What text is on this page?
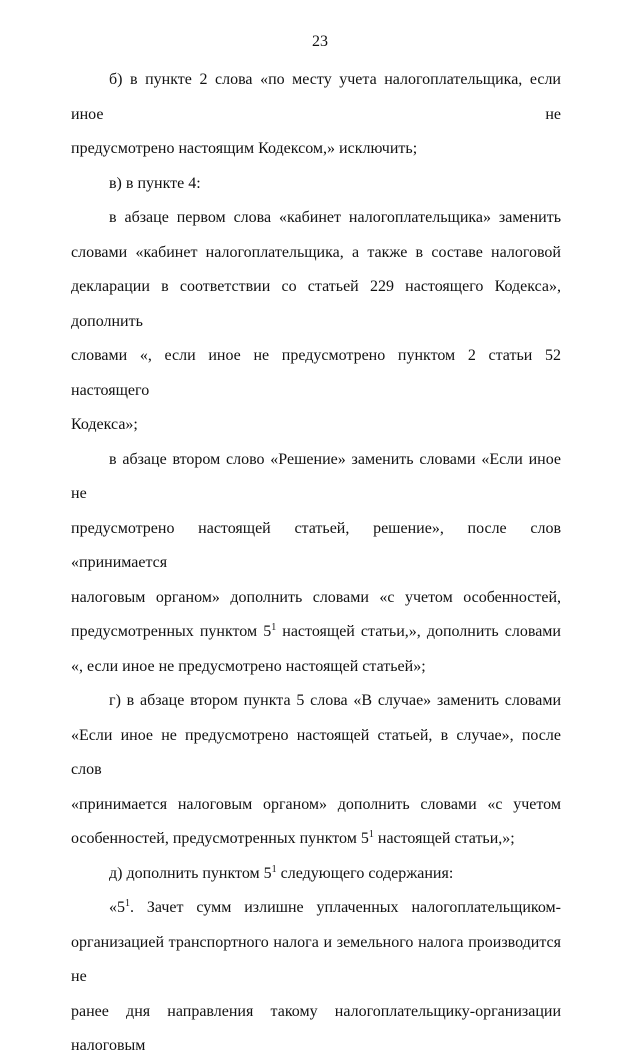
23

б) в пункте 2 слова «по месту учета налогоплательщика, если иное не

предусмотрено настоящим Кодексом,» исключить;

в) в пункте 4:

в абзаце первом слова «кабинет налогоплательщика» заменить

словами «кабинет налогоплательщика, а также в составе налоговой

декларации в соответствии со статьей 229 настоящего Кодекса», дополнить

словами «, если иное не предусмотрено пунктом 2 статьи 52 настоящего

Кодекса»;

в абзаце втором слово «Решение» заменить словами «Если иное не

предусмотрено настоящей статьей, решение», после слов «принимается

налоговым органом» дополнить словами «с учетом особенностей,

предусмотренных пунктом $5^1$ настоящей статьи,», дополнить словами

«, если иное не предусмотрено настоящей статьей»;

г) в абзаце втором пункта 5 слова «В случае» заменить словами

«Если иное не предусмотрено настоящей статьей, в случае», после слов

«принимается налоговым органом» дополнить словами «с учетом

особенностей, предусмотренных пунктом $5^1$ настоящей статьи,»;

д) дополнить пунктом $5^1$ следующего содержания:

«$5^1$. Зачет сумм излишне уплаченных налогоплательщиком-

организацией транспортного налога и земельного налога производится не

ранее дня направления такому налогоплательщику-организации налоговым
